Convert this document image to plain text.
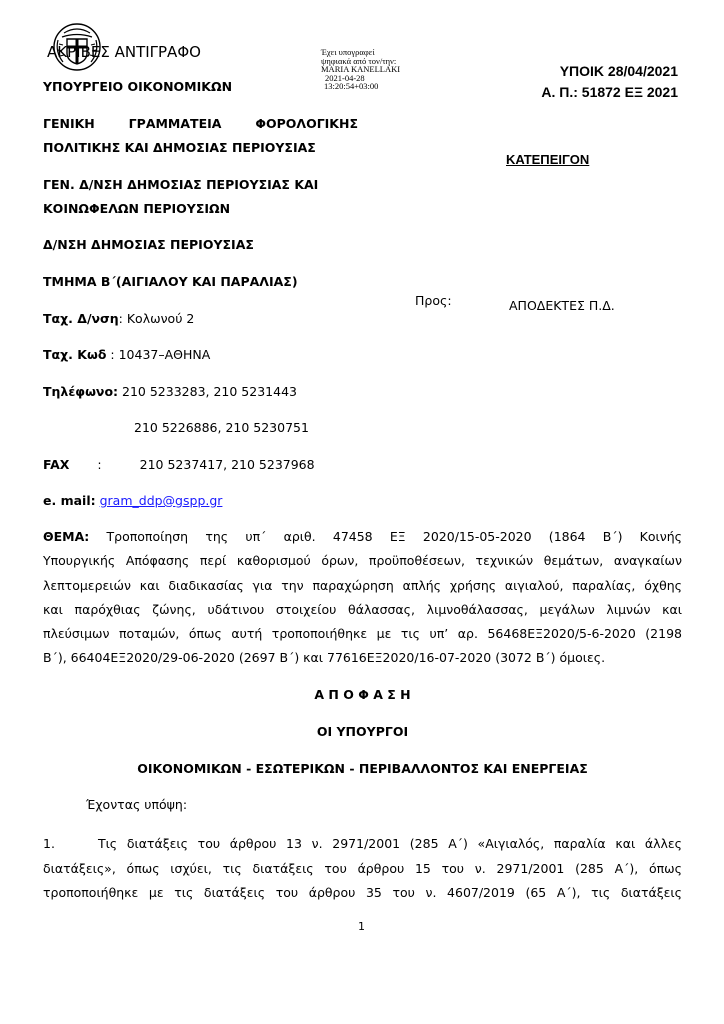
ΑΚΡΙΒΕΣ ΑΝΤΙΓΡΑΦΟ	Έχει υπογραφεί
ψηφιακά από τον/την:
MARIA KANELLAKI
2021-04-28
13:20:54+03:00
ΥΠΟΙΚ 28/04/2021
Α. Π.: 51872 ΕΞ 2021
ΚΑΤΕΠΕΙΓΟΝ
ΥΠΟΥΡΓΕΙΟ ΟΙΚΟΝΟΜΙΚΩΝ
ΓΕΝΙΚΗ ΓΡΑΜΜΑΤΕΙΑ ΦΟΡΟΛΟΓΙΚΗΣ
ΠΟΛΙΤΙΚΗΣ ΚΑΙ ΔΗΜΟΣΙΑΣ ΠΕΡΙΟΥΣΙΑΣ
ΓΕΝ. Δ/ΝΣΗ ΔΗΜΟΣΙΑΣ ΠΕΡΙΟΥΣΙΑΣ ΚΑΙ
ΚΟΙΝΩΦΕΛΩΝ ΠΕΡΙΟΥΣΙΩΝ
Δ/ΝΣΗ ΔΗΜΟΣΙΑΣ ΠΕΡΙΟΥΣΙΑΣ
ΤΜΗΜΑ Β΄(ΑΙΓΙΑΛΟΥ ΚΑΙ ΠΑΡΑΛΙΑΣ)
Ταχ. Δ/νση: Κολωνού 2
Ταχ. Κωδ : 10437–ΑΘΗΝΑ
Τηλέφωνο: 210 5233283, 210 5231443
210 5226886, 210 5230751
FAX :	210 5237417, 210 5237968
e. mail: gram_ddp@gspp.gr
Προς:	ΑΠΟΔΕΚΤΕΣ Π.Δ.
ΘΕΜΑ: Τροποποίηση της υπ΄ αριθ. 47458 ΕΞ 2020/15-05-2020 (1864 Β΄) Κοινής
Υπουργικής Απόφασης περί καθορισμού όρων, προϋποθέσεων, τεχνικών θεμάτων, αναγκαίων
λεπτομερειών και διαδικασίας για την παραχώρηση απλής χρήσης αιγιαλού, παραλίας, όχθης
και παρόχθιας ζώνης, υδάτινου στοιχείου θάλασσας, λιμνοθάλασσας, μεγάλων λιμνών και
πλεύσιμων ποταμών, όπως αυτή τροποποιήθηκε με τις υπ’ αρ. 56468ΕΞ2020/5-6-2020 (2198
Β΄), 66404ΕΞ2020/29-06-2020 (2697 Β΄) και 77616ΕΞ2020/16-07-2020 (3072 Β΄) όμοιες.
Α Π Ο Φ Α Σ Η
ΟΙ ΥΠΟΥΡΓΟΙ
ΟΙΚΟΝΟΜΙΚΩΝ - ΕΣΩΤΕΡΙΚΩΝ - ΠΕΡΙΒΑΛΛΟΝΤΟΣ ΚΑΙ ΕΝΕΡΓΕΙΑΣ
Έχοντας υπόψη:
1.	Τις διατάξεις του άρθρου 13 ν. 2971/2001 (285 Α΄) «Αιγιαλός, παραλία και άλλες
διατάξεις», όπως ισχύει, τις διατάξεις του άρθρου 15 του ν. 2971/2001 (285 Α΄), όπως
τροποποιήθηκε με τις διατάξεις του άρθρου 35 του ν. 4607/2019 (65 Α΄), τις διατάξεις
1
